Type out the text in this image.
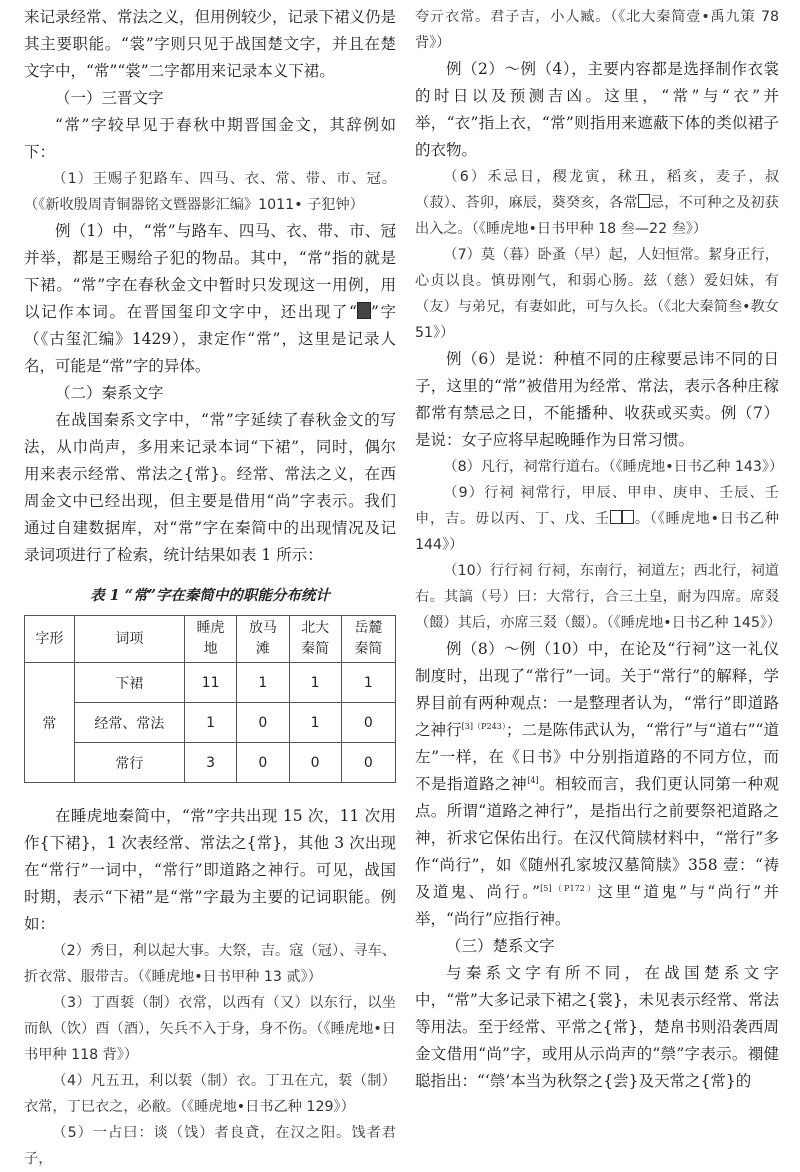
来记录经常、常法之义，但用例较少，记录下裙义仍是其主要职能。“裳”字则只见于战国楚文字，并且在楚文字中，“常”“裳”二字都用来记录本义下裙。

（一）三晋文字

“常”字较早见于春秋中期晋国金文，其辞例如下：

（1）王赐子犯路车、四马、衣、常、带、市、冠。（《新收殷周青铜器铭文暨器影汇编》1011• 子犯钟）

例（1）中，“常”与路车、四马、衣、带、市、冠并举，都是王赐给子犯的物品。其中，“常”指的就是下裙。“常”字在春秋金文中暂时只发现这一用例，用以记作本词。在晋国玺印文字中，还出现了“ ”字（《古玺汇编》1429），隶定作“常”，这里是记录人名，可能是“常”字的异体。

（二）秦系文字

在战国秦系文字中，“常”字延续了春秋金文的写法，从巾尚声，多用来记录本词“下裙”，同时，偶尔用来表示经常、常法之{常}。经常、常法之义，在西周金文中已经出现，但主要是借用“尚”字表示。我们通过自建数据库，对“常”字在秦简中的出现情况及记录词项进行了检索，统计结果如表 1 所示：

表 1 “常”字在秦简中的职能分布统计
字形	词项	睡虎地	放马滩	北大秦简	岳麓秦简
常	下裙	11	1	1	1
	经常、常法	1	0	1	0
	常行	3	0	0	0

在睡虎地秦简中，“常”字共出现 15 次，11 次用作{下裙}，1 次表经常、常法之{常}，其他 3 次出现在“常行”一词中，“常行”即道路之神行。可见，战国时期，表示“下裙”是“常”字最为主要的记词职能。例如：

（2）秀日，利以起大事。大祭，吉。寇（冠）、寻车、折衣常、服带吉。（《睡虎地•日书甲种 13 贰》）

（3）丁酉裚（制）衣常，以西有（又）以东行，以坐而飤（饮）酉（酒），矢兵不入于身，身不伤。（《睡虎地•日书甲种 118 背》）

（4）凡五丑，利以裚（制）衣。丁丑在亢，裚（制）衣常，丁巳衣之，必敝。（《睡虎地•日书乙种 129》）

（5）一占曰：谈（饯）者良貣，在汉之阳。饯者君子，

夸亓衣常。君子吉，小人臧。（《北大秦简壹•禹九策 78 背》）

例（2）～例（4），主要内容都是选择制作衣裳的时日以及预测吉凶。这里，“常”与“衣”并举，“衣”指上衣，“常”则指用来遮蔽下体的类似裙子的衣物。

（6）禾忌日，稷龙寅，秫丑，稻亥，麦子，叔（菽）、荅卯，麻辰，葵癸亥，各常 忌，不可种之及初获出入之。（《睡虎地•日书甲种 18 叁—22 叁》）

（7）莫（暮）卧蚤（早）起，人妇恒常。絜身正行，心贞以良。慎毋刚气，和弱心肠。兹（慈）爱妇妹，有（友）与弟兄，有妻如此，可与久长。（《北大秦简叁•教女 51》）

例（6）是说：种植不同的庄稼要忌讳不同的日子，这里的“常”被借用为经常、常法，表示各种庄稼都常有禁忌之日，不能播种、收获或买卖。例（7）是说：女子应将早起晚睡作为日常习惯。

（8）凡行，祠常行道右。（《睡虎地•日书乙种 143》）

（9）行祠 祠常行，甲辰、甲申、庚申、壬辰、壬申，吉。毋以丙、丁、戊、壬 。（《睡虎地•日书乙种 144》）

（10）行行祠 行祠，东南行，祠道左；西北行，祠道右。其謞（号）曰：大常行，合三土皇，耐为四席。席叕（餟）其后，亦席三叕（餟）。（《睡虎地•日书乙种 145》）

例（8）～例（10）中，在论及“行祠”这一礼仪制度时，出现了“常行”一词。关于“常行”的解释，学界目前有两种观点：一是整理者认为，“常行”即道路之神行$^{[3](P243)}$；二是陈伟武认为，“常行”与“道右”“道左”一样，在《日书》中分别指道路的不同方位，而不是指道路之神[4]。相较而言，我们更认同第一种观点。所谓“道路之神行”，是指出行之前要祭祀道路之神，祈求它保佑出行。在汉代简牍材料中，“常行”多作“尚行”，如《随州孔家坡汉墓简牍》358 壹：“祷及道鬼、尚行。”$^{[5](P172)}$这里“道鬼”与“尚行”并举，“尚行”应指行神。

（三）楚系文字

与秦系文字有所不同，在战国楚系文字中，“常”大多记录下裙之{裳}，未见表示经常、常法等用法。至于经常、平常之{常}，楚帛书则沿袭西周金文借用“尚”字，或用从示尚声的“禜”字表示。禤健聪指出：“‘禜’本当为秋祭之{尝}及天常之{常}的
